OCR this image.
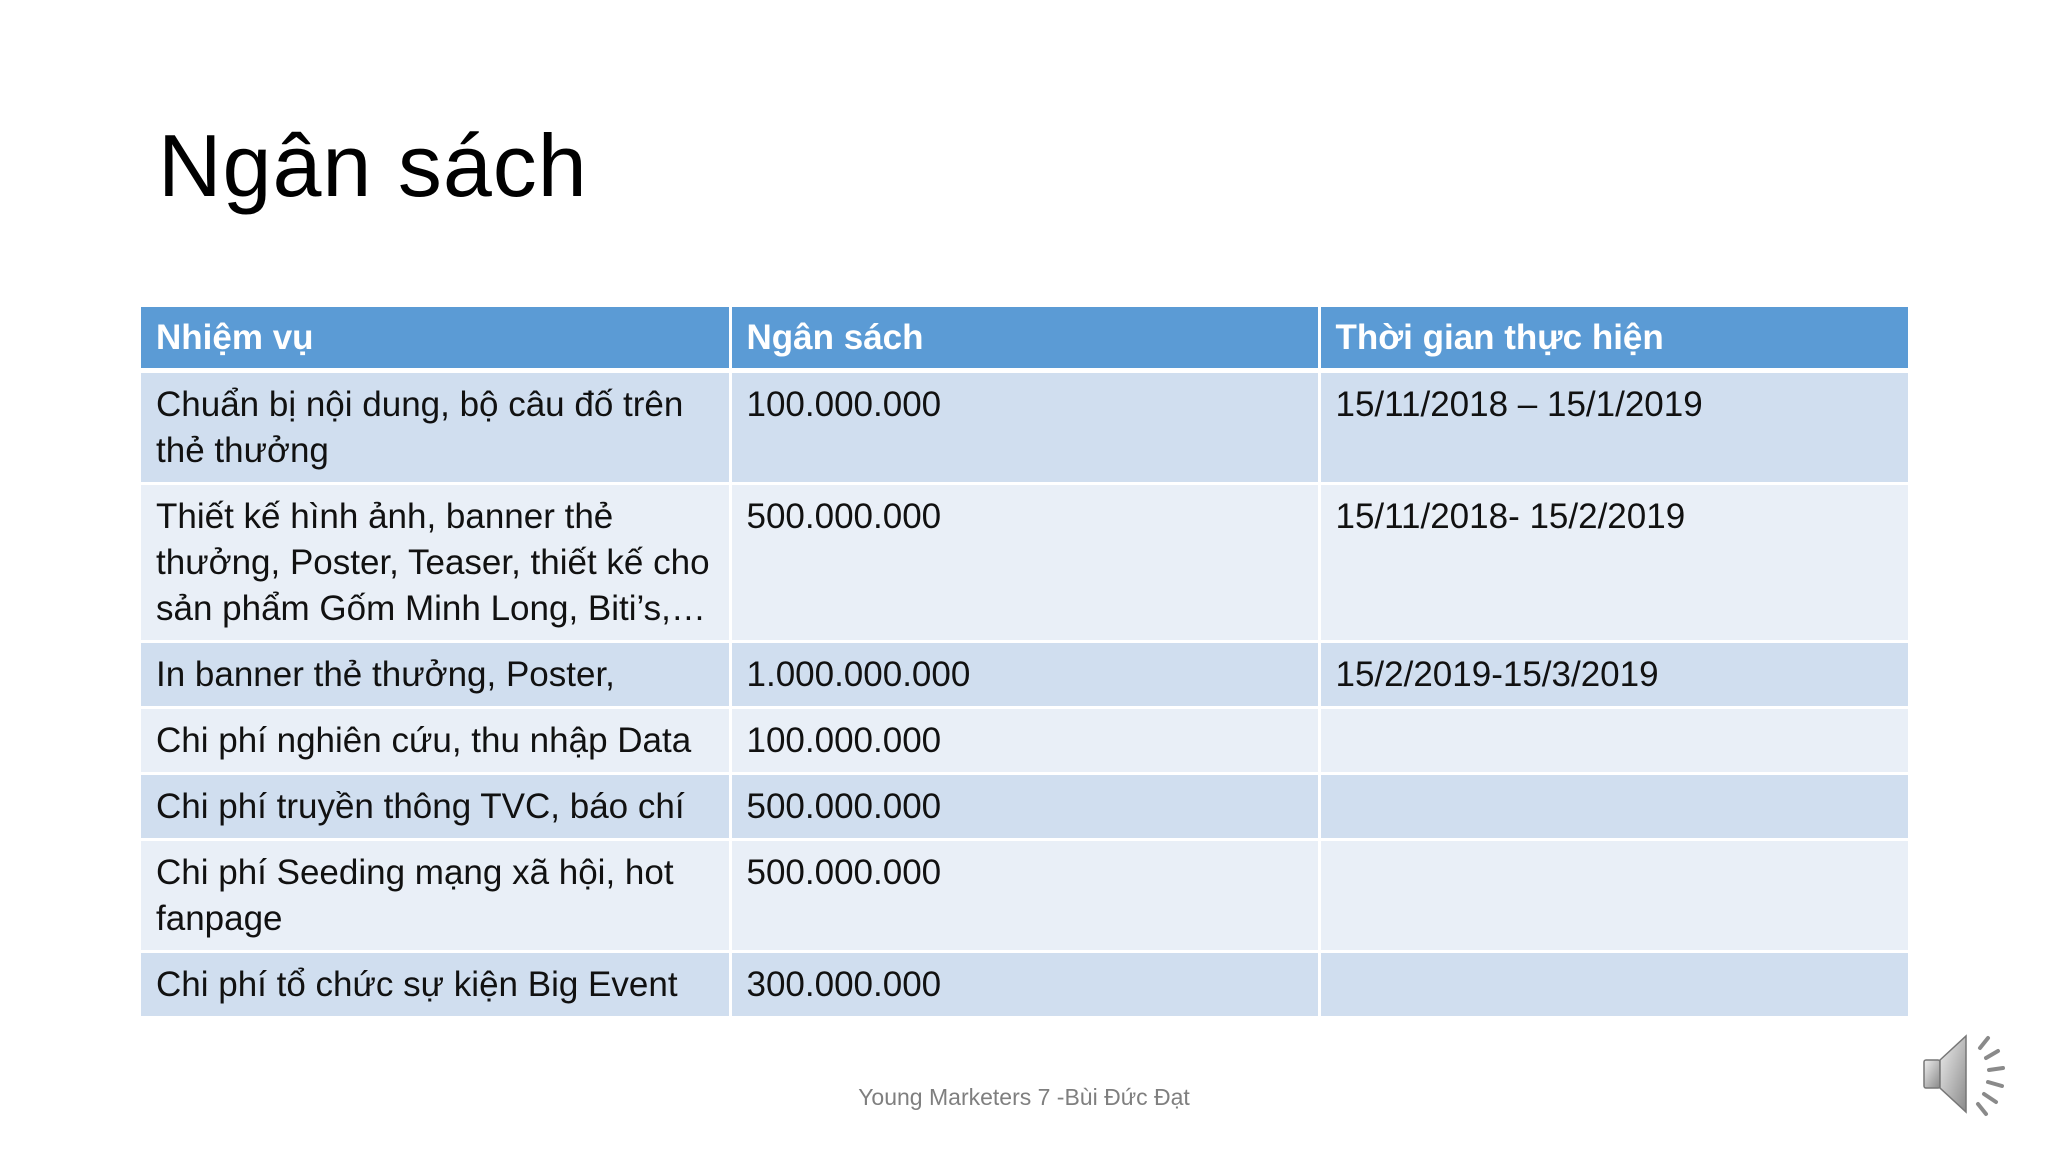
Ngân sách
Nhiệm vụ	Ngân sách	Thời gian thực hiện
Chuẩn bị nội dung, bộ câu đố trên thẻ thưởng	100.000.000	15/11/2018 – 15/1/2019
Thiết kế hình ảnh, banner thẻ thưởng, Poster, Teaser, thiết kế cho sản phẩm Gốm Minh Long, Biti’s,…	500.000.000	15/11/2018- 15/2/2019
In banner thẻ thưởng, Poster,	1.000.000.000	15/2/2019-15/3/2019
Chi phí nghiên cứu, thu nhập Data	100.000.000	
Chi phí truyền thông TVC, báo chí	500.000.000	
Chi phí Seeding mạng xã hội, hot fanpage	500.000.000	
Chi phí tổ chức sự kiện Big Event	300.000.000	
Young Marketers 7 -Bùi Đức Đạt
